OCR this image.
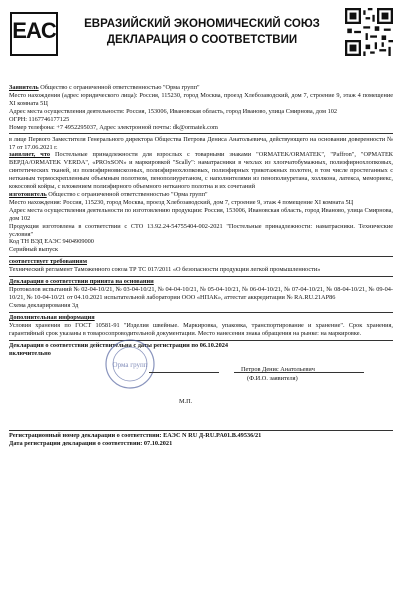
EAC	ЕВРАЗИЙСКИЙ ЭКОНОМИЧЕСКИЙ СОЮЗ
ДЕКЛАРАЦИЯ О СООТВЕТСТВИИ

Заявитель Общество с ограниченной ответственностью "Орма групп"

Место нахождения (адрес юридического лица): Россия, 115230, город Москва, проезд Хлебозаводский, дом 7, строение 9, этаж 4 помещение XI комната 5Ц

Адрес места осуществления деятельности: Россия, 153006, Ивановская область, город Иваново, улица Смирнова, дом 102

ОГРН: 1167746177125

Номер телефона: +7 4952295037, Адрес электронной почты: dk@ormatek.com

в лице Первого Заместителя Генерального директора Общества Петрова Дениса Анатольевича, действующего на основании доверенности № 17 от 17.06.2021 г.

заявляет, что Постельные принадлежности для взрослых с товарными знаками "ORMATEK/ORMATEK", "Paffron", "ОРМАТЕК ВЕРДА/ORMATEK VERDA", «PROxSON» и маркировкой "Scally": наматрасники в чехлах из хлопчатобумажных, полиэфирнохлопковых, синтетических тканей, из полиэфирновискозных, полиэфирнохлопковых, полиэфирных трикотажных полотен, в том числе простеганных с нетканым термоскрепленным объемным полотном, пенополиуретаном, с наполнителями из пенополиуретана, холлкона, латекса, мемориекс, кокосовой койры, с вложением полиэфирного объемного нетканого полотна и их сочетаний

изготовитель Общество с ограниченной ответственностью "Орма групп"

Место нахождения: Россия, 115230, город Москва, проезд Хлебозаводский, дом 7, строение 9, этаж 4 помещение XI комната 5Ц

Адрес места осуществления деятельности по изготовлению продукции: Россия, 153006, Ивановская область, город Иваново, улица Смирнова, дом 102

Продукция изготовлена в соответствии с СТО 13.92.24-54755404-002-2021 "Постельные принадлежности: наматрасники. Технические условия"

Код ТН ВЭД ЕАЭС 9404909000

Серийный выпуск

соответствует требованиям

Технический регламент Таможенного союза ТР ТС 017/2011 «О безопасности продукции легкой промышленности»

Декларация о соответствии принята на основании

Протоколов испытаний № 02-04-10/21, № 03-04-10/21, № 04-04-10/21, № 05-04-10/21, № 06-04-10/21, № 07-04-10/21, № 08-04-10/21, № 09-04-10/21, № 10-04-10/21 от 04.10.2021 испытательной лаборатории ООО «НПАК», аттестат аккредитации № RA.RU.21AP86

Схема декларирования 3д

Дополнительная информация

Условия хранения по ГОСТ 10581-91 "Изделия швейные. Маркировка, упаковка, транспортирование и хранение". Срок хранения, гарантийный срок указаны в товаросопроводительной документации. Место нанесения знака обращения на рынке: на маркировке.

Декларация о соответствии действительна с даты регистрации по 06.10.2024

включительно

Орма групп
Петров Денис Анатольевич
(Ф.И.О. заявителя)
М.П.

Регистрационный номер декларации о соответствии: ЕАЭС N RU Д-RU.PA01.B.49536/21

Дата регистрации декларации о соответствии: 07.10.2021
